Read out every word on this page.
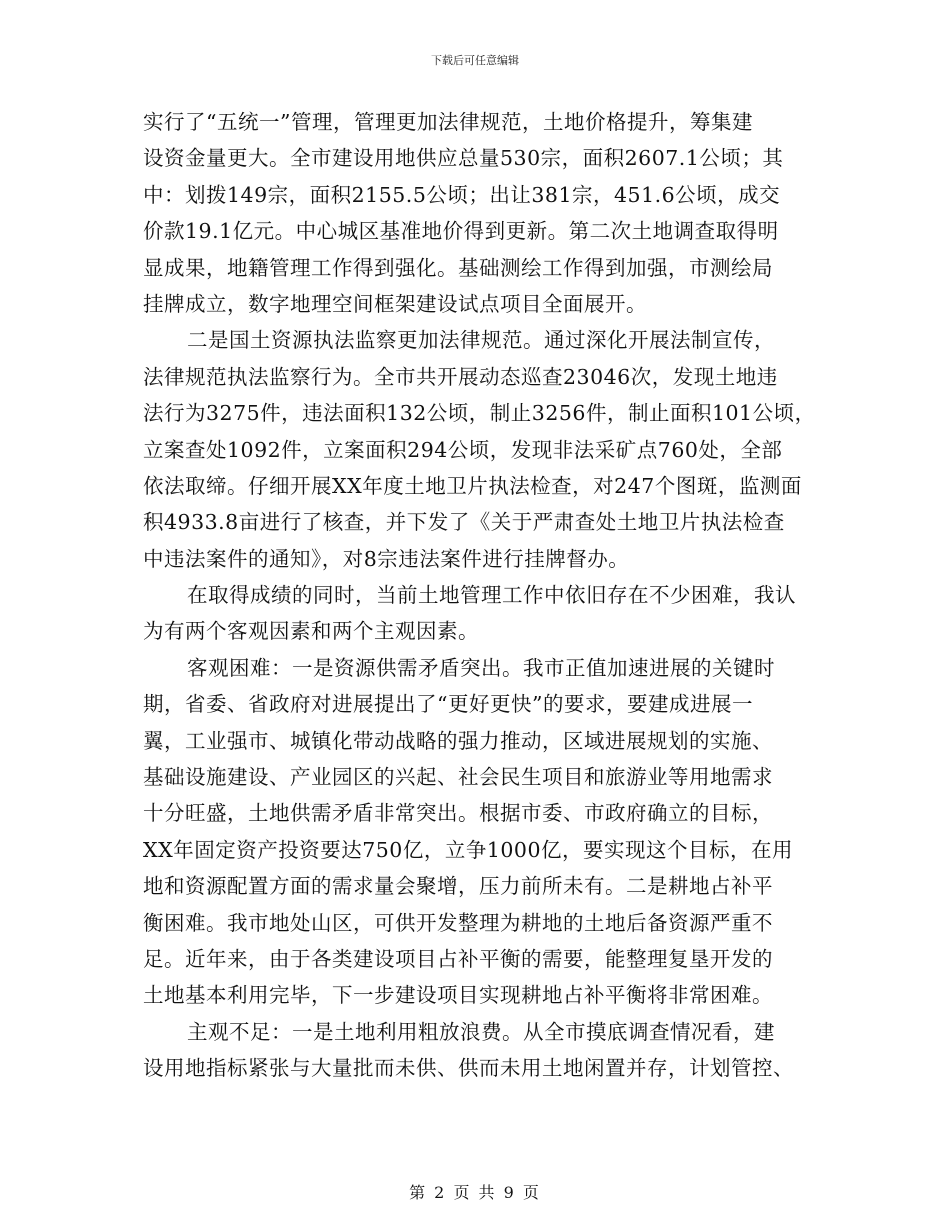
下载后可任意编辑
实行了“五统一”管理，管理更加法律规范，土地价格提升，筹集建
设资金量更大。全市建设用地供应总量530宗，面积2607.1公顷；其
中：划拨149宗，面积2155.5公顷；出让381宗，451.6公顷，成交
价款19.1亿元。中心城区基准地价得到更新。第二次土地调查取得明
显成果，地籍管理工作得到强化。基础测绘工作得到加强，市测绘局
挂牌成立，数字地理空间框架建设试点项目全面展开。
二是国土资源执法监察更加法律规范。通过深化开展法制宣传，
法律规范执法监察行为。全市共开展动态巡查23046次，发现土地违
法行为3275件，违法面积132公顷，制止3256件，制止面积101公顷，
立案查处1092件，立案面积294公顷，发现非法采矿点760处，全部
依法取缔。仔细开展XX年度土地卫片执法检查，对247个图斑，监测面
积4933.8亩进行了核查，并下发了《关于严肃查处土地卫片执法检查
中违法案件的通知》，对8宗违法案件进行挂牌督办。
在取得成绩的同时，当前土地管理工作中依旧存在不少困难，我认
为有两个客观因素和两个主观因素。
客观困难：一是资源供需矛盾突出。我市正值加速进展的关键时
期，省委、省政府对进展提出了“更好更快”的要求，要建成进展一
翼，工业强市、城镇化带动战略的强力推动，区域进展规划的实施、
基础设施建设、产业园区的兴起、社会民生项目和旅游业等用地需求
十分旺盛，土地供需矛盾非常突出。根据市委、市政府确立的目标，
XX年固定资产投资要达750亿，立争1000亿，要实现这个目标，在用
地和资源配置方面的需求量会聚增，压力前所未有。二是耕地占补平
衡困难。我市地处山区，可供开发整理为耕地的土地后备资源严重不
足。近年来，由于各类建设项目占补平衡的需要，能整理复垦开发的
土地基本利用完毕，下一步建设项目实现耕地占补平衡将非常困难。
主观不足：一是土地利用粗放浪费。从全市摸底调查情况看，建
设用地指标紧张与大量批而未供、供而未用土地闲置并存，计划管控、
第 2 页 共 9 页
